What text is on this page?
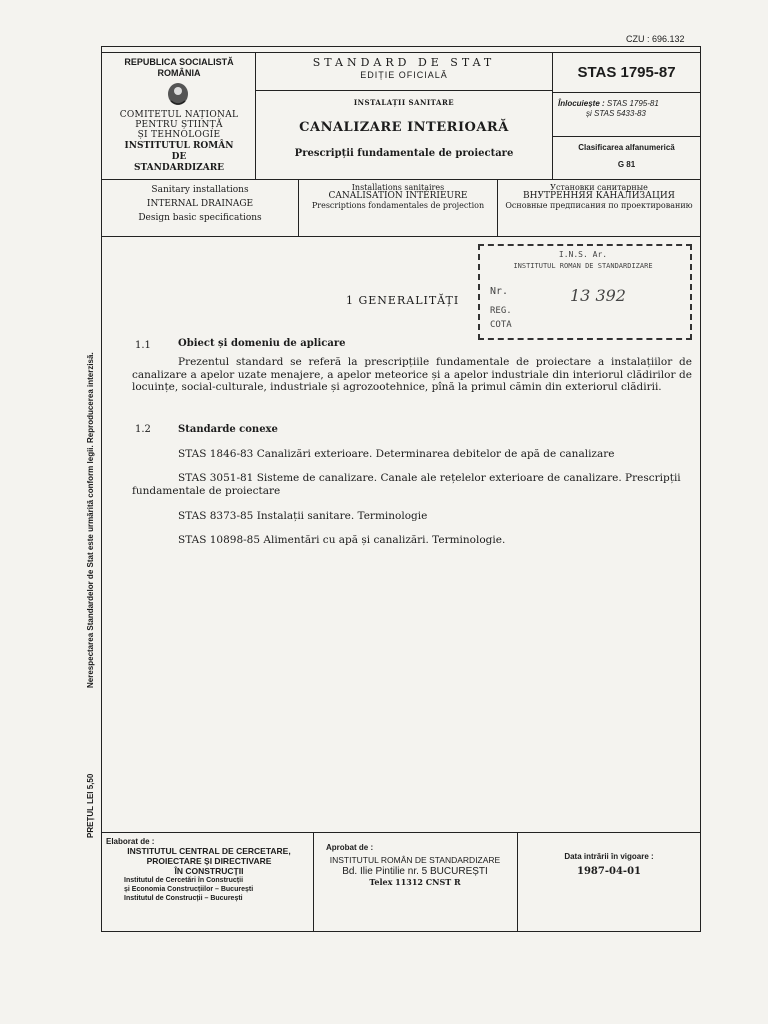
CZU : 696.132
REPUBLICA SOCIALISTĂ
ROMÂNIA
COMITETUL NAȚIONAL
PENTRU ȘTIINȚĂ
ȘI TEHNOLOGIE
INSTITUTUL ROMÂN
DE
STANDARDIZARE
STANDARD DE STAT
EDIȚIE OFICIALĂ
INSTALAȚII SANITARE
CANALIZARE INTERIOARĂ
Prescripții fundamentale de proiectare
STAS 1795-87
Înlocuiește : STAS 1795-81
și STAS 5433-83
Clasificarea alfanumerică
G 81
Sanitary installations
INTERNAL DRAINAGE
Design basic specifications
Installations sanitaires
CANALISATION INTÉRIEURE
Prescriptions fondamentales de projection
Установки санитарные
ВНУТРЕННЯЯ КАНАЛИЗАЦИЯ
Основные предписания по проектированию
I.N.S. Ar.
INSTITUTUL ROMAN DE STANDARDIZARE
Nr.	13 392
REG.
COTA
1 GENERALITĂȚI
1.1	Obiect și domeniu de aplicare

Prezentul standard se referă la prescripțiile fundamentale de proiectare a instalațiilor de canalizare a apelor uzate menajere, a apelor meteorice și a apelor industriale din interiorul clădirilor de locuințe, social-culturale, industriale și agrozootehnice, pînă la primul cămin din exteriorul clădirii.

1.2	Standarde conexe
STAS 1846-83 Canalizări exterioare. Determinarea debitelor de apă de canalizare
STAS 3051-81 Sisteme de canalizare. Canale ale rețelelor exterioare de canalizare. Prescripții fundamentale de proiectare
STAS 8373-85 Instalații sanitare. Terminologie
STAS 10898-85 Alimentări cu apă și canalizări. Terminologie.
Nerespectarea Standardelor de Stat este urmărită conform legii. Reproducerea interzisă.
PREȚUL LEI 5,50
Elaborat de :
INSTITUTUL CENTRAL DE CERCETARE,
PROIECTARE ȘI DIRECTIVARE
ÎN CONSTRUCȚII
Institutul de Cercetări în Construcții
și Economia Construcțiilor – București
Institutul de Construcții – București
Aprobat de :
INSTITUTUL ROMÂN DE STANDARDIZARE
Bd. Ilie Pintilie nr. 5 BUCUREȘTI
Telex 11312 CNST R
Data intrării în vigoare :
1987-04-01
